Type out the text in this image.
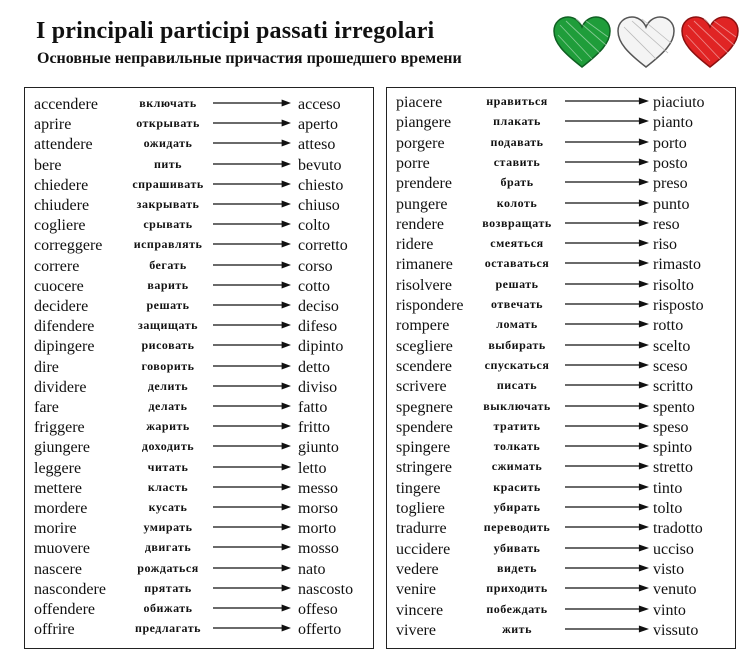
I principali participi passati irregolari
Основные неправильные причастия прошедшего времени
accendere	включать	acceso
aprire	открывать	aperto
attendere	ожидать	atteso
bere	пить	bevuto
chiedere	спрашивать	chiesto
chiudere	закрывать	chiuso
cogliere	срывать	colto
correggere	исправлять	corretto
correre	бегать	corso
cuocere	варить	cotto
decidere	решать	deciso
difendere	защищать	difeso
dipingere	рисовать	dipinto
dire	говорить	detto
dividere	делить	diviso
fare	делать	fatto
friggere	жарить	fritto
giungere	доходить	giunto
leggere	читать	letto
mettere	класть	messo
mordere	кусать	morso
morire	умирать	morto
muovere	двигать	mosso
nascere	рождаться	nato
nascondere	прятать	nascosto
offendere	обижать	offeso
offrire	предлагать	offerto
piacere	нравиться	piaciuto
piangere	плакать	pianto
porgere	подавать	porto
porre	ставить	posto
prendere	брать	preso
pungere	колоть	punto
rendere	возвращать	reso
ridere	смеяться	riso
rimanere	оставаться	rimasto
risolvere	решать	risolto
rispondere	отвечать	risposto
rompere	ломать	rotto
scegliere	выбирать	scelto
scendere	спускаться	sceso
scrivere	писать	scritto
spegnere	выключать	spento
spendere	тратить	speso
spingere	толкать	spinto
stringere	сжимать	stretto
tingere	красить	tinto
togliere	убирать	tolto
tradurre	переводить	tradotto
uccidere	убивать	ucciso
vedere	видеть	visto
venire	приходить	venuto
vincere	побеждать	vinto
vivere	жить	vissuto
